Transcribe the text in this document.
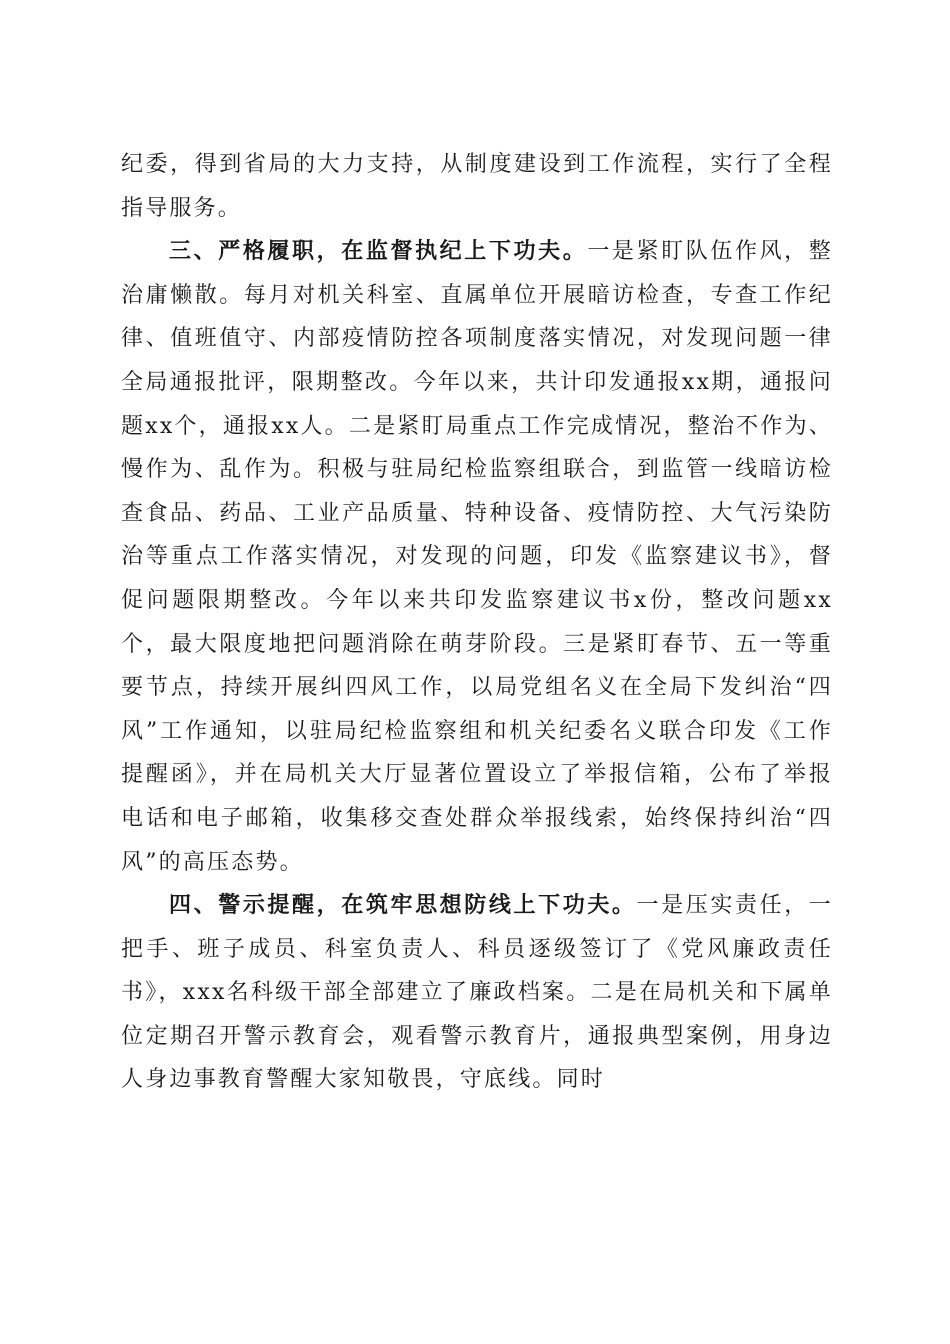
纪委，得到省局的大力支持，从制度建设到工作流程，实行了全程指导服务。

三、严格履职，在监督执纪上下功夫。一是紧盯队伍作风，整治庸懒散。每月对机关科室、直属单位开展暗访检查，专查工作纪律、值班值守、内部疫情防控各项制度落实情况，对发现问题一律全局通报批评，限期整改。今年以来，共计印发通报xx期，通报问题xx个，通报xx人。二是紧盯局重点工作完成情况，整治不作为、慢作为、乱作为。积极与驻局纪检监察组联合，到监管一线暗访检查食品、药品、工业产品质量、特种设备、疫情防控、大气污染防治等重点工作落实情况，对发现的问题，印发《监察建议书》，督促问题限期整改。今年以来共印发监察建议书x份，整改问题xx个，最大限度地把问题消除在萌芽阶段。三是紧盯春节、五一等重要节点，持续开展纠四风工作，以局党组名义在全局下发纠治“四风”工作通知，以驻局纪检监察组和机关纪委名义联合印发《工作提醒函》，并在局机关大厅显著位置设立了举报信箱，公布了举报电话和电子邮箱，收集移交查处群众举报线索，始终保持纠治“四风”的高压态势。

四、警示提醒，在筑牢思想防线上下功夫。一是压实责任，一把手、班子成员、科室负责人、科员逐级签订了《党风廉政责任书》，xxx名科级干部全部建立了廉政档案。二是在局机关和下属单位定期召开警示教育会，观看警示教育片，通报典型案例，用身边人身边事教育警醒大家知敬畏，守底线。同时
